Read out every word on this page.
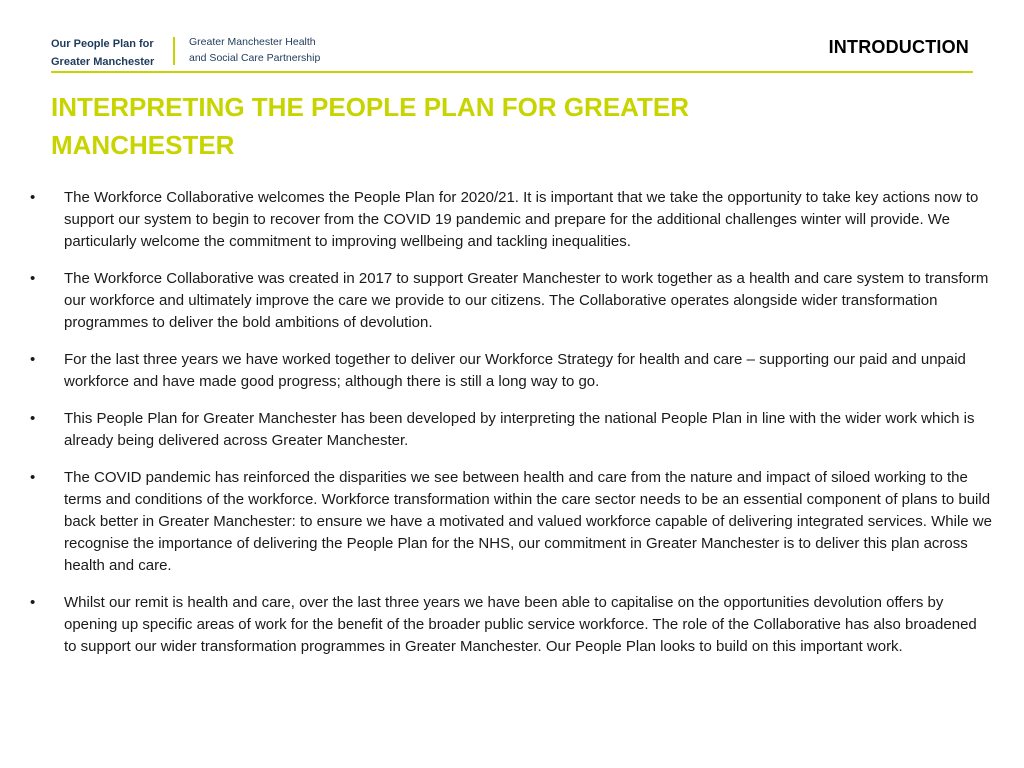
Our People Plan for
Greater Manchester
Greater Manchester Health
and Social Care Partnership
INTRODUCTION
INTERPRETING THE PEOPLE PLAN FOR GREATER MANCHESTER
•	The Workforce Collaborative welcomes the People Plan for 2020/21. It is important that we take the opportunity to take key actions now to support our system to begin to recover from the COVID 19 pandemic and prepare for the additional challenges winter will provide. We particularly welcome the commitment to improving wellbeing and tackling inequalities.
•	The Workforce Collaborative was created in 2017 to support Greater Manchester to work together as a health and care system to transform our workforce and ultimately improve the care we provide to our citizens. The Collaborative operates alongside wider transformation programmes to deliver the bold ambitions of devolution.
•	For the last three years we have worked together to deliver our Workforce Strategy for health and care – supporting our paid and unpaid workforce and have made good progress; although there is still a long way to go.
•	This People Plan for Greater Manchester has been developed by interpreting the national People Plan in line with the wider work which is already being delivered across Greater Manchester.
•	The COVID pandemic has reinforced the disparities we see between health and care from the nature and impact of siloed working to the terms and conditions of the workforce. Workforce transformation within the care sector needs to be an essential component of plans to build back better in Greater Manchester: to ensure we have a motivated and valued workforce capable of delivering integrated services. While we recognise the importance of delivering the People Plan for the NHS, our commitment in Greater Manchester is to deliver this plan across health and care.
•	Whilst our remit is health and care, over the last three years we have been able to capitalise on the opportunities devolution offers by opening up specific areas of work for the benefit of the broader public service workforce. The role of the Collaborative has also broadened to support our wider transformation programmes in Greater Manchester. Our People Plan looks to build on this important work.
